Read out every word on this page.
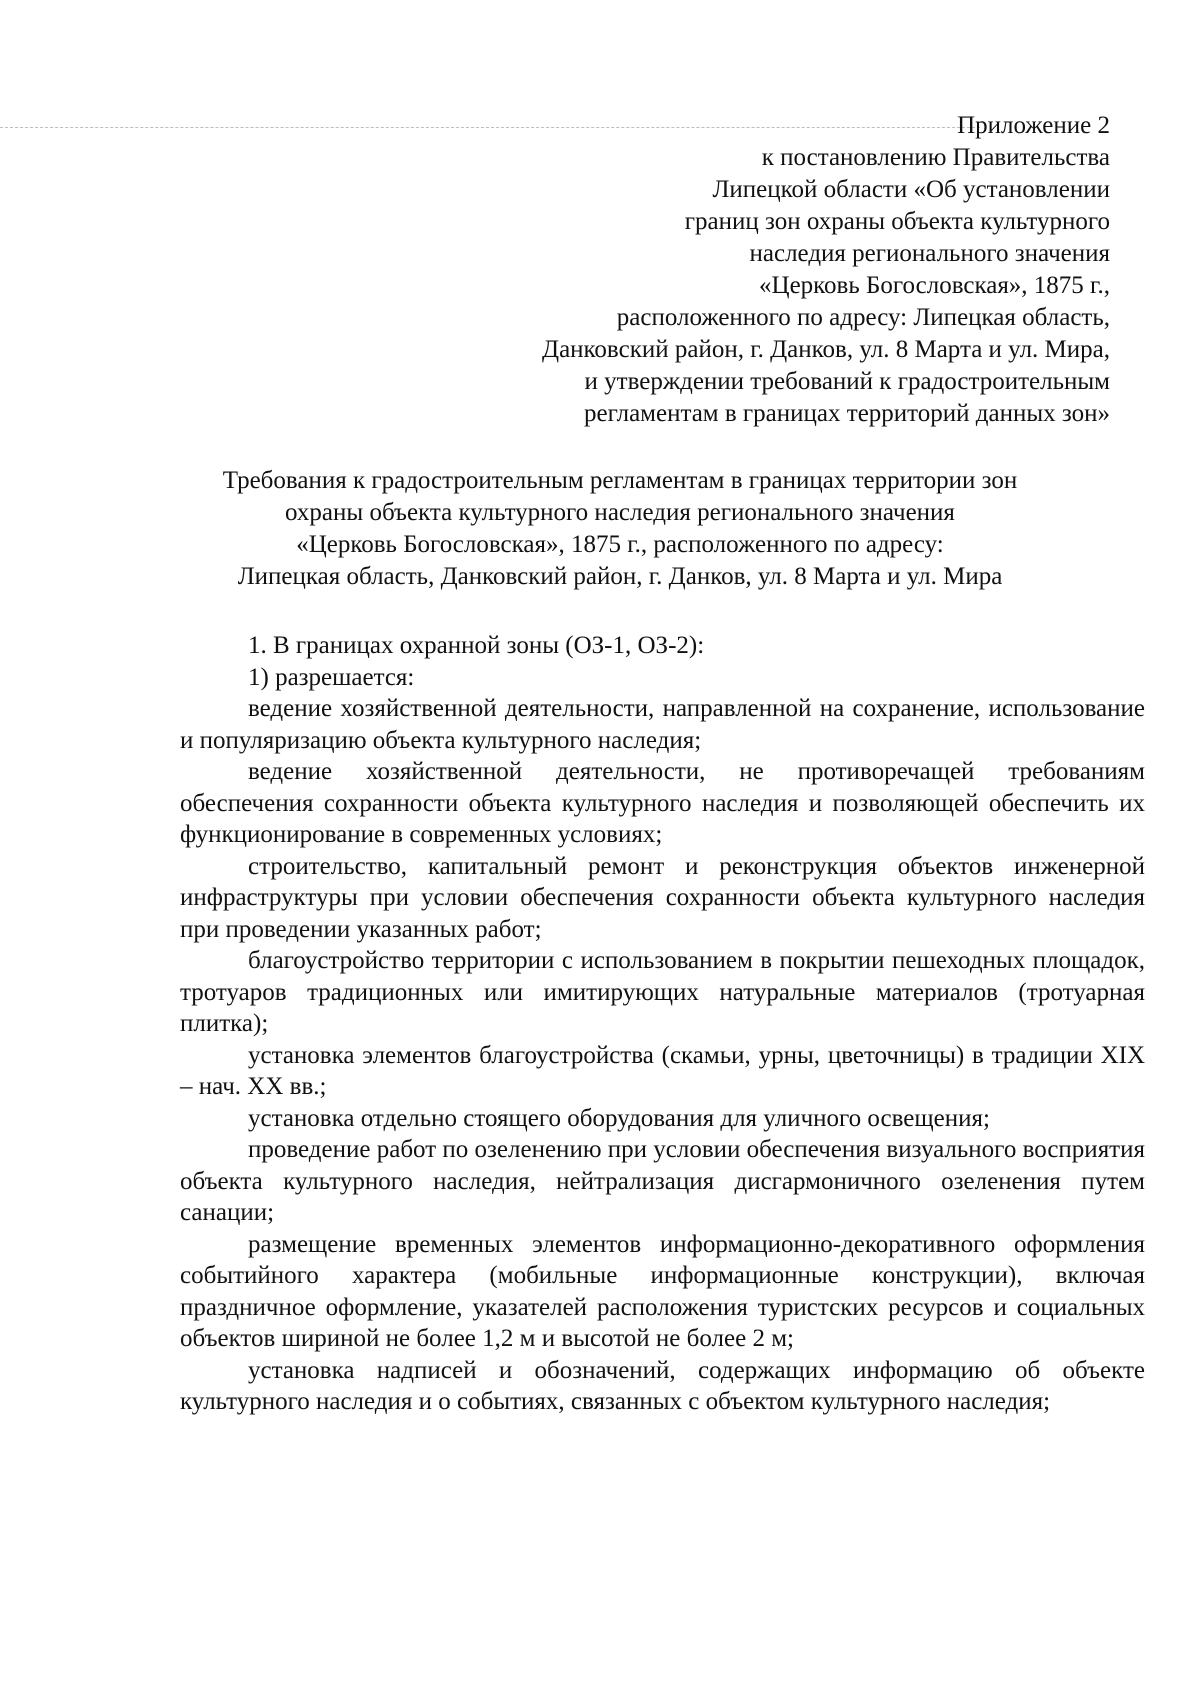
Приложение 2
к постановлению Правительства
Липецкой области «Об установлении
границ зон охраны объекта культурного
наследия регионального значения
«Церковь Богословская», 1875 г.,
расположенного по адресу: Липецкая область,
Данковский район, г. Данков, ул. 8 Марта и ул. Мира,
и утверждении требований к градостроительным
регламентам в границах территорий данных зон»
Требования к градостроительным регламентам в границах территории зон
охраны объекта культурного наследия регионального значения
«Церковь Богословская», 1875 г., расположенного по адресу:
Липецкая область, Данковский район, г. Данков, ул. 8 Марта и ул. Мира

1. В границах охранной зоны (ОЗ-1, ОЗ-2):

1) разрешается:

ведение хозяйственной деятельности, направленной на сохранение, использование и популяризацию объекта культурного наследия;

ведение хозяйственной деятельности, не противоречащей требованиям обеспечения сохранности объекта культурного наследия и позволяющей обеспечить их функционирование в современных условиях;

строительство, капитальный ремонт и реконструкция объектов инженерной инфраструктуры при условии обеспечения сохранности объекта культурного наследия при проведении указанных работ;

благоустройство территории с использованием в покрытии пешеходных площадок, тротуаров традиционных или имитирующих натуральные материалов (тротуарная плитка);

установка элементов благоустройства (скамьи, урны, цветочницы) в традиции XIX – нач. XX вв.;

установка отдельно стоящего оборудования для уличного освещения;

проведение работ по озеленению при условии обеспечения визуального восприятия объекта культурного наследия, нейтрализация дисгармоничного озеленения путем санации;

размещение временных элементов информационно-декоративного оформления событийного характера (мобильные информационные конструкции), включая праздничное оформление, указателей расположения туристских ресурсов и социальных объектов шириной не более 1,2 м и высотой не более 2 м;

установка надписей и обозначений, содержащих информацию об объекте культурного наследия и о событиях, связанных с объектом культурного наследия;
